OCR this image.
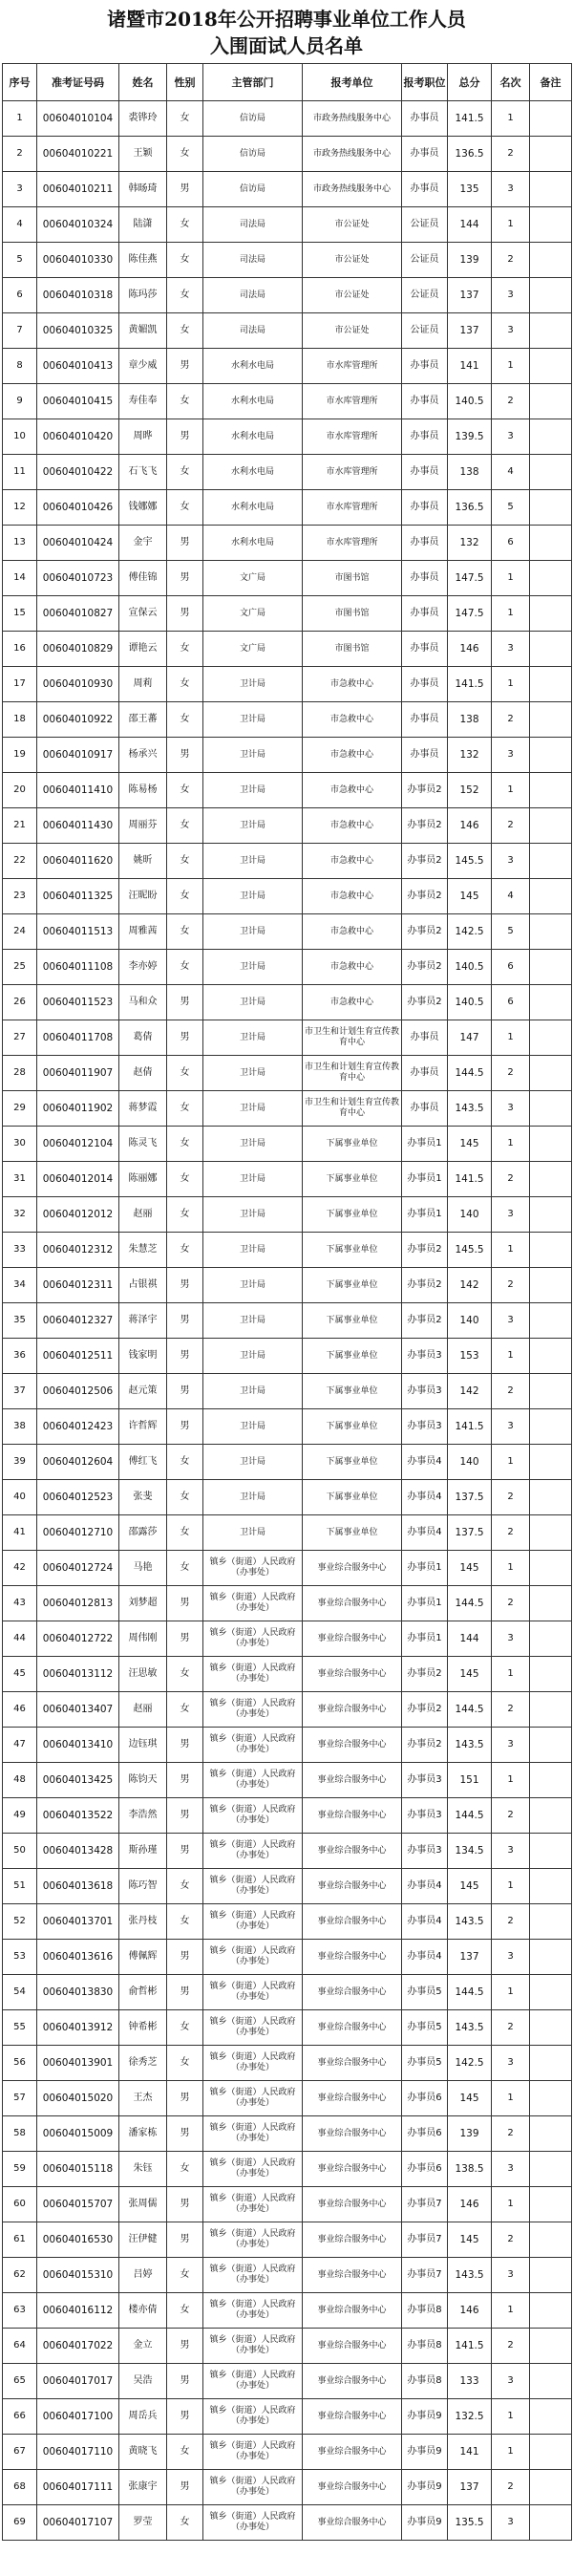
诸暨市2018年公开招聘事业单位工作人员
入围面试人员名单
序号	准考证号码	姓名	性别	主管部门	报考单位	报考职位	总分	名次	备注
1	00604010104	裘铧玲	女	信访局	市政务热线服务中心	办事员	141.5	1	
2	00604010221	王颖	女	信访局	市政务热线服务中心	办事员	136.5	2	
3	00604010211	韩旸琦	男	信访局	市政务热线服务中心	办事员	135	3	
4	00604010324	陆潇	女	司法局	市公证处	公证员	144	1	
5	00604010330	陈佳燕	女	司法局	市公证处	公证员	139	2	
6	00604010318	陈玛莎	女	司法局	市公证处	公证员	137	3	
7	00604010325	黄媚凯	女	司法局	市公证处	公证员	137	3	
8	00604010413	章少威	男	水利水电局	市水库管理所	办事员	141	1	
9	00604010415	寿佳奉	女	水利水电局	市水库管理所	办事员	140.5	2	
10	00604010420	周晔	男	水利水电局	市水库管理所	办事员	139.5	3	
11	00604010422	石飞飞	女	水利水电局	市水库管理所	办事员	138	4	
12	00604010426	钱娜娜	女	水利水电局	市水库管理所	办事员	136.5	5	
13	00604010424	金宇	男	水利水电局	市水库管理所	办事员	132	6	
14	00604010723	傅佳锦	男	文广局	市图书馆	办事员	147.5	1	
15	00604010827	宣保云	男	文广局	市图书馆	办事员	147.5	1	
16	00604010829	谭艳云	女	文广局	市图书馆	办事员	146	3	
17	00604010930	周莉	女	卫计局	市急救中心	办事员	141.5	1	
18	00604010922	邵王蕃	女	卫计局	市急救中心	办事员	138	2	
19	00604010917	杨承兴	男	卫计局	市急救中心	办事员	132	3	
20	00604011410	陈易杨	女	卫计局	市急救中心	办事员2	152	1	
21	00604011430	周丽芬	女	卫计局	市急救中心	办事员2	146	2	
22	00604011620	姚昕	女	卫计局	市急救中心	办事员2	145.5	3	
23	00604011325	汪昵盼	女	卫计局	市急救中心	办事员2	145	4	
24	00604011513	周雅茜	女	卫计局	市急救中心	办事员2	142.5	5	
25	00604011108	李亦婷	女	卫计局	市急救中心	办事员2	140.5	6	
26	00604011523	马和众	男	卫计局	市急救中心	办事员2	140.5	6	
27	00604011708	葛倩	男	卫计局	市卫生和计划生育宣传教育中心	办事员	147	1	
28	00604011907	赵倩	女	卫计局	市卫生和计划生育宣传教育中心	办事员	144.5	2	
29	00604011902	蒋梦霞	女	卫计局	市卫生和计划生育宣传教育中心	办事员	143.5	3	
30	00604012104	陈灵飞	女	卫计局	下属事业单位	办事员1	145	1	
31	00604012014	陈丽娜	女	卫计局	下属事业单位	办事员1	141.5	2	
32	00604012012	赵丽	女	卫计局	下属事业单位	办事员1	140	3	
33	00604012312	朱慧芝	女	卫计局	下属事业单位	办事员2	145.5	1	
34	00604012311	占银祺	男	卫计局	下属事业单位	办事员2	142	2	
35	00604012327	蒋泽宇	男	卫计局	下属事业单位	办事员2	140	3	
36	00604012511	钱家明	男	卫计局	下属事业单位	办事员3	153	1	
37	00604012506	赵元策	男	卫计局	下属事业单位	办事员3	142	2	
38	00604012423	许哲辉	男	卫计局	下属事业单位	办事员3	141.5	3	
39	00604012604	傅红飞	女	卫计局	下属事业单位	办事员4	140	1	
40	00604012523	张斐	女	卫计局	下属事业单位	办事员4	137.5	2	
41	00604012710	邵露莎	女	卫计局	下属事业单位	办事员4	137.5	2	
42	00604012724	马艳	女	镇乡（街道）人民政府（办事处）	事业综合服务中心	办事员1	145	1	
43	00604012813	刘梦超	男	镇乡（街道）人民政府（办事处）	事业综合服务中心	办事员1	144.5	2	
44	00604012722	周伟刚	男	镇乡（街道）人民政府（办事处）	事业综合服务中心	办事员1	144	3	
45	00604013112	汪思敏	女	镇乡（街道）人民政府（办事处）	事业综合服务中心	办事员2	145	1	
46	00604013407	赵丽	女	镇乡（街道）人民政府（办事处）	事业综合服务中心	办事员2	144.5	2	
47	00604013410	边钰琪	男	镇乡（街道）人民政府（办事处）	事业综合服务中心	办事员2	143.5	3	
48	00604013425	陈钧天	男	镇乡（街道）人民政府（办事处）	事业综合服务中心	办事员3	151	1	
49	00604013522	李浩然	男	镇乡（街道）人民政府（办事处）	事业综合服务中心	办事员3	144.5	2	
50	00604013428	斯孙瑾	男	镇乡（街道）人民政府（办事处）	事业综合服务中心	办事员3	134.5	3	
51	00604013618	陈巧智	女	镇乡（街道）人民政府（办事处）	事业综合服务中心	办事员4	145	1	
52	00604013701	张丹枝	女	镇乡（街道）人民政府（办事处）	事业综合服务中心	办事员4	143.5	2	
53	00604013616	傅佩辉	男	镇乡（街道）人民政府（办事处）	事业综合服务中心	办事员4	137	3	
54	00604013830	俞哲彬	男	镇乡（街道）人民政府（办事处）	事业综合服务中心	办事员5	144.5	1	
55	00604013912	钟希彬	女	镇乡（街道）人民政府（办事处）	事业综合服务中心	办事员5	143.5	2	
56	00604013901	徐秀芝	女	镇乡（街道）人民政府（办事处）	事业综合服务中心	办事员5	142.5	3	
57	00604015020	王杰	男	镇乡（街道）人民政府（办事处）	事业综合服务中心	办事员6	145	1	
58	00604015009	潘家栋	男	镇乡（街道）人民政府（办事处）	事业综合服务中心	办事员6	139	2	
59	00604015118	朱钰	女	镇乡（街道）人民政府（办事处）	事业综合服务中心	办事员6	138.5	3	
60	00604015707	张周儒	男	镇乡（街道）人民政府（办事处）	事业综合服务中心	办事员7	146	1	
61	00604016530	汪伊健	男	镇乡（街道）人民政府（办事处）	事业综合服务中心	办事员7	145	2	
62	00604015310	吕婷	女	镇乡（街道）人民政府（办事处）	事业综合服务中心	办事员7	143.5	3	
63	00604016112	楼亦倩	女	镇乡（街道）人民政府（办事处）	事业综合服务中心	办事员8	146	1	
64	00604017022	金立	男	镇乡（街道）人民政府（办事处）	事业综合服务中心	办事员8	141.5	2	
65	00604017017	吴浩	男	镇乡（街道）人民政府（办事处）	事业综合服务中心	办事员8	133	3	
66	00604017100	周岳兵	男	镇乡（街道）人民政府（办事处）	事业综合服务中心	办事员9	132.5	1	
67	00604017110	黄晓飞	女	镇乡（街道）人民政府（办事处）	事业综合服务中心	办事员9	141	1	
68	00604017111	张康宇	男	镇乡（街道）人民政府（办事处）	事业综合服务中心	办事员9	137	2	
69	00604017107	罗莹	女	镇乡（街道）人民政府（办事处）	事业综合服务中心	办事员9	135.5	3	
